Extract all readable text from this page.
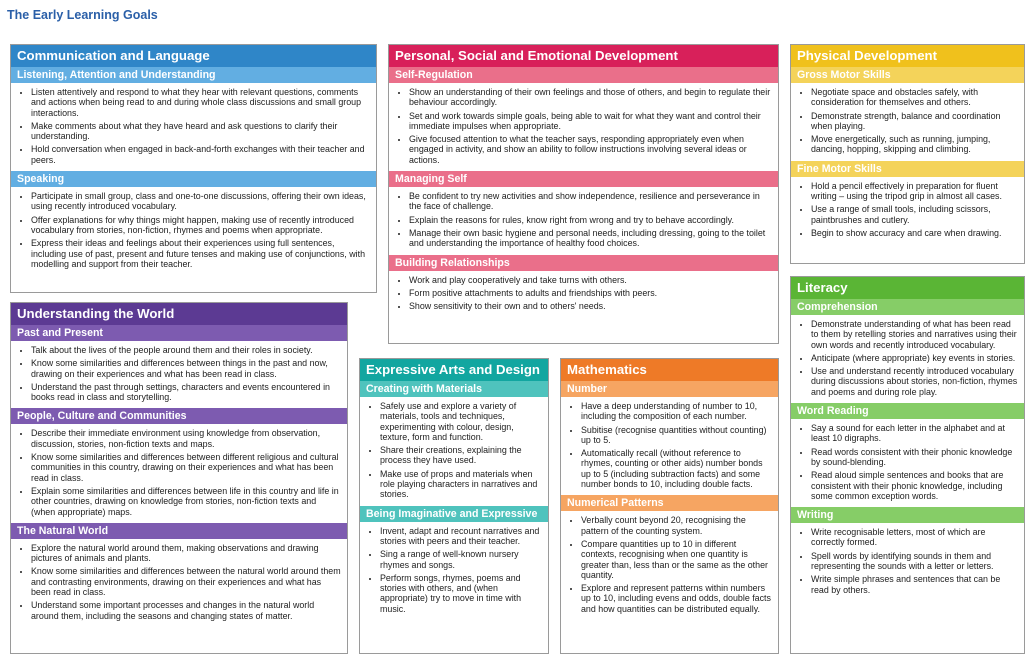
The Early Learning Goals
Communication and Language
Listening, Attention and Understanding
• Listen attentively and respond to what they hear with relevant questions, comments and actions when being read to and during whole class discussions and small group interactions.
• Make comments about what they have heard and ask questions to clarify their understanding.
• Hold conversation when engaged in back-and-forth exchanges with their teacher and peers.
Speaking
• Participate in small group, class and one-to-one discussions, offering their own ideas, using recently introduced vocabulary.
• Offer explanations for why things might happen, making use of recently introduced vocabulary from stories, non-fiction, rhymes and poems when appropriate.
• Express their ideas and feelings about their experiences using full sentences, including use of past, present and future tenses and making use of conjunctions, with modelling and support from their teacher.
Understanding the World
Past and Present
• Talk about the lives of the people around them and their roles in society.
• Know some similarities and differences between things in the past and now, drawing on their experiences and what has been read in class.
• Understand the past through settings, characters and events encountered in books read in class and storytelling.
People, Culture and Communities
• Describe their immediate environment using knowledge from observation, discussion, stories, non-fiction texts and maps.
• Know some similarities and differences between different religious and cultural communities in this country, drawing on their experiences and what has been read in class.
• Explain some similarities and differences between life in this country and life in other countries, drawing on knowledge from stories, non-fiction texts and (when appropriate) maps.
The Natural World
• Explore the natural world around them, making observations and drawing pictures of animals and plants.
• Know some similarities and differences between the natural world around them and contrasting environments, drawing on their experiences and what has been read in class.
• Understand some important processes and changes in the natural world around them, including the seasons and changing states of matter.
Personal, Social and Emotional Development
Self-Regulation
• Show an understanding of their own feelings and those of others, and begin to regulate their behaviour accordingly.
• Set and work towards simple goals, being able to wait for what they want and control their immediate impulses when appropriate.
• Give focused attention to what the teacher says, responding appropriately even when engaged in activity, and show an ability to follow instructions involving several ideas or actions.
Managing Self
• Be confident to try new activities and show independence, resilience and perseverance in the face of challenge.
• Explain the reasons for rules, know right from wrong and try to behave accordingly.
• Manage their own basic hygiene and personal needs, including dressing, going to the toilet and understanding the importance of healthy food choices.
Building Relationships
• Work and play cooperatively and take turns with others.
• Form positive attachments to adults and friendships with peers.
• Show sensitivity to their own and to others' needs.
Expressive Arts and Design
Creating with Materials
• Safely use and explore a variety of materials, tools and techniques, experimenting with colour, design, texture, form and function.
• Share their creations, explaining the process they have used.
• Make use of props and materials when role playing characters in narratives and stories.
Being Imaginative and Expressive
• Invent, adapt and recount narratives and stories with peers and their teacher.
• Sing a range of well-known nursery rhymes and songs.
• Perform songs, rhymes, poems and stories with others, and (when appropriate) try to move in time with music.
Mathematics
Number
• Have a deep understanding of number to 10, including the composition of each number.
• Subitise (recognise quantities without counting) up to 5.
• Automatically recall (without reference to rhymes, counting or other aids) number bonds up to 5 (including subtraction facts) and some number bonds to 10, including double facts.
Numerical Patterns
• Verbally count beyond 20, recognising the pattern of the counting system.
• Compare quantities up to 10 in different contexts, recognising when one quantity is greater than, less than or the same as the other quantity.
• Explore and represent patterns within numbers up to 10, including evens and odds, double facts and how quantities can be distributed equally.
Physical Development
Gross Motor Skills
• Negotiate space and obstacles safely, with consideration for themselves and others.
• Demonstrate strength, balance and coordination when playing.
• Move energetically, such as running, jumping, dancing, hopping, skipping and climbing.
Fine Motor Skills
• Hold a pencil effectively in preparation for fluent writing – using the tripod grip in almost all cases.
• Use a range of small tools, including scissors, paintbrushes and cutlery.
• Begin to show accuracy and care when drawing.
Literacy
Comprehension
• Demonstrate understanding of what has been read to them by retelling stories and narratives using their own words and recently introduced vocabulary.
• Anticipate (where appropriate) key events in stories.
• Use and understand recently introduced vocabulary during discussions about stories, non-fiction, rhymes and poems and during role play.
Word Reading
• Say a sound for each letter in the alphabet and at least 10 digraphs.
• Read words consistent with their phonic knowledge by sound-blending.
• Read aloud simple sentences and books that are consistent with their phonic knowledge, including some common exception words.
Writing
• Write recognisable letters, most of which are correctly formed.
• Spell words by identifying sounds in them and representing the sounds with a letter or letters.
• Write simple phrases and sentences that can be read by others.
